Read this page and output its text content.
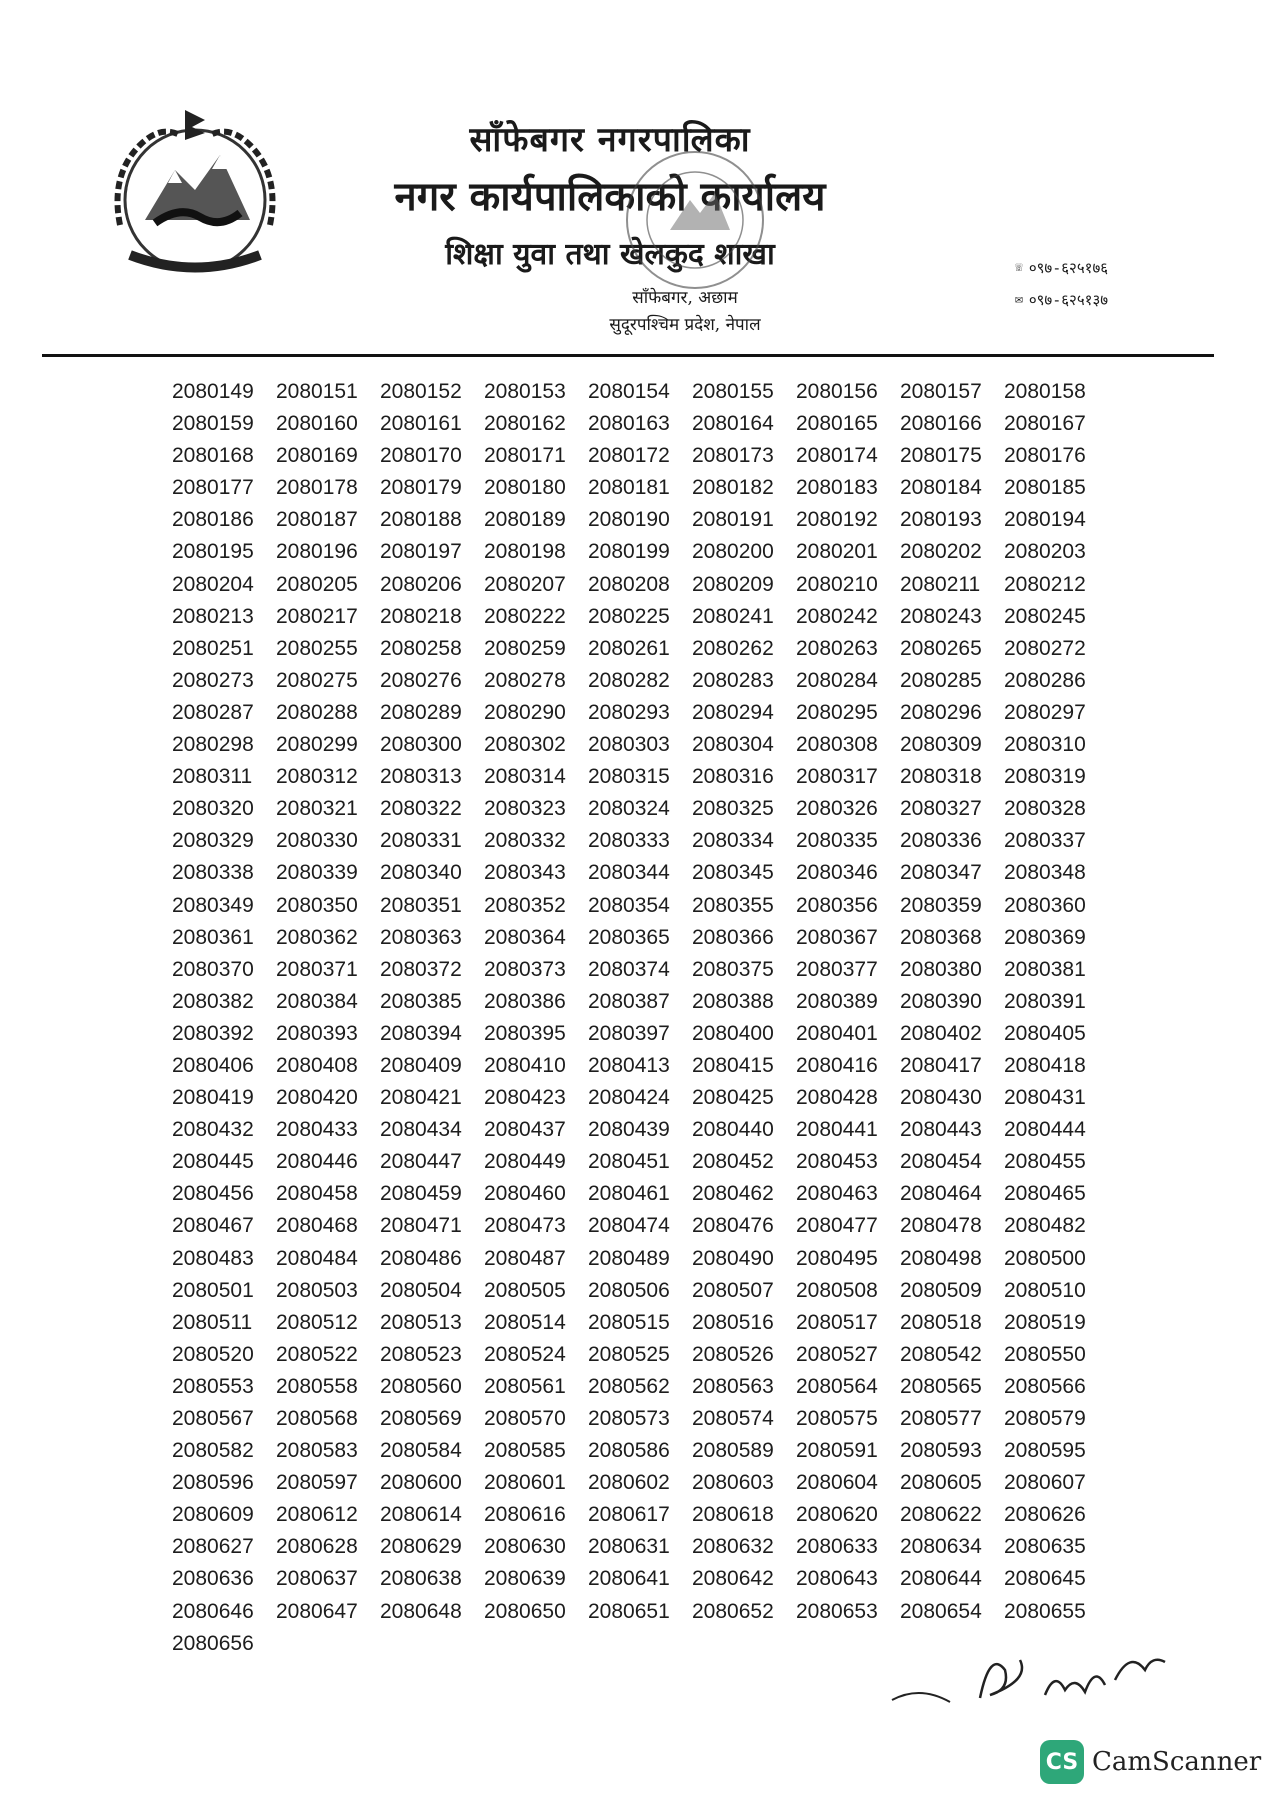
साँफेबगर नगरपालिका
नगर कार्यपालिकाको कार्यालय
शिक्षा युवा तथा खेलकुद शाखा
साँफेबगर, अछाम
सुदूरपश्चिम प्रदेश, नेपाल
☏ ०९७-६२५१७६
✉ ०९७-६२५१३७
2080149	2080151	2080152	2080153	2080154	2080155	2080156	2080157	2080158
2080159	2080160	2080161	2080162	2080163	2080164	2080165	2080166	2080167
2080168	2080169	2080170	2080171	2080172	2080173	2080174	2080175	2080176
2080177	2080178	2080179	2080180	2080181	2080182	2080183	2080184	2080185
2080186	2080187	2080188	2080189	2080190	2080191	2080192	2080193	2080194
2080195	2080196	2080197	2080198	2080199	2080200	2080201	2080202	2080203
2080204	2080205	2080206	2080207	2080208	2080209	2080210	2080211	2080212
2080213	2080217	2080218	2080222	2080225	2080241	2080242	2080243	2080245
2080251	2080255	2080258	2080259	2080261	2080262	2080263	2080265	2080272
2080273	2080275	2080276	2080278	2080282	2080283	2080284	2080285	2080286
2080287	2080288	2080289	2080290	2080293	2080294	2080295	2080296	2080297
2080298	2080299	2080300	2080302	2080303	2080304	2080308	2080309	2080310
2080311	2080312	2080313	2080314	2080315	2080316	2080317	2080318	2080319
2080320	2080321	2080322	2080323	2080324	2080325	2080326	2080327	2080328
2080329	2080330	2080331	2080332	2080333	2080334	2080335	2080336	2080337
2080338	2080339	2080340	2080343	2080344	2080345	2080346	2080347	2080348
2080349	2080350	2080351	2080352	2080354	2080355	2080356	2080359	2080360
2080361	2080362	2080363	2080364	2080365	2080366	2080367	2080368	2080369
2080370	2080371	2080372	2080373	2080374	2080375	2080377	2080380	2080381
2080382	2080384	2080385	2080386	2080387	2080388	2080389	2080390	2080391
2080392	2080393	2080394	2080395	2080397	2080400	2080401	2080402	2080405
2080406	2080408	2080409	2080410	2080413	2080415	2080416	2080417	2080418
2080419	2080420	2080421	2080423	2080424	2080425	2080428	2080430	2080431
2080432	2080433	2080434	2080437	2080439	2080440	2080441	2080443	2080444
2080445	2080446	2080447	2080449	2080451	2080452	2080453	2080454	2080455
2080456	2080458	2080459	2080460	2080461	2080462	2080463	2080464	2080465
2080467	2080468	2080471	2080473	2080474	2080476	2080477	2080478	2080482
2080483	2080484	2080486	2080487	2080489	2080490	2080495	2080498	2080500
2080501	2080503	2080504	2080505	2080506	2080507	2080508	2080509	2080510
2080511	2080512	2080513	2080514	2080515	2080516	2080517	2080518	2080519
2080520	2080522	2080523	2080524	2080525	2080526	2080527	2080542	2080550
2080553	2080558	2080560	2080561	2080562	2080563	2080564	2080565	2080566
2080567	2080568	2080569	2080570	2080573	2080574	2080575	2080577	2080579
2080582	2080583	2080584	2080585	2080586	2080589	2080591	2080593	2080595
2080596	2080597	2080600	2080601	2080602	2080603	2080604	2080605	2080607
2080609	2080612	2080614	2080616	2080617	2080618	2080620	2080622	2080626
2080627	2080628	2080629	2080630	2080631	2080632	2080633	2080634	2080635
2080636	2080637	2080638	2080639	2080641	2080642	2080643	2080644	2080645
2080646	2080647	2080648	2080650	2080651	2080652	2080653	2080654	2080655
2080656
CS CamScanner
